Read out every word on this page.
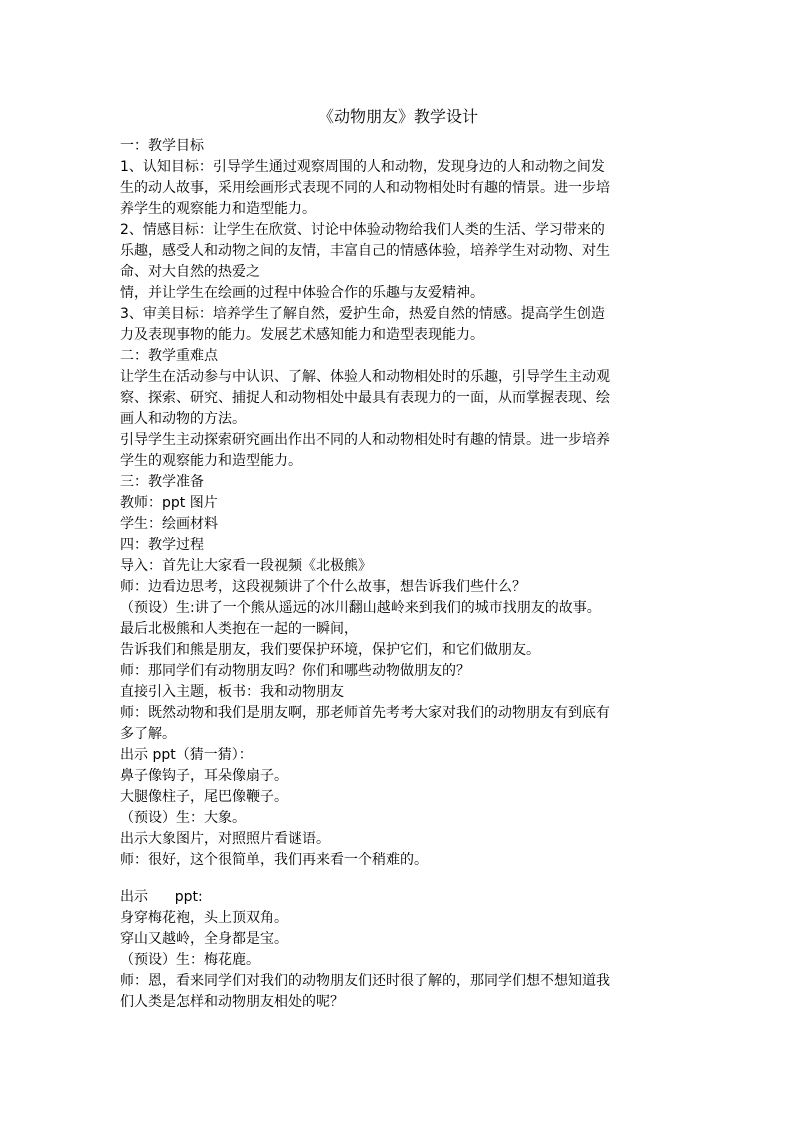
《动物朋友》教学设计
一：教学目标
1、认知目标：引导学生通过观察周围的人和动物，发现身边的人和动物之间发
生的动人故事，采用绘画形式表现不同的人和动物相处时有趣的情景。进一步培
养学生的观察能力和造型能力。
2、情感目标：让学生在欣赏、讨论中体验动物给我们人类的生活、学习带来的
乐趣，感受人和动物之间的友情，丰富自己的情感体验，培养学生对动物、对生
命、对大自然的热爱之
情，并让学生在绘画的过程中体验合作的乐趣与友爱精神。
3、审美目标：培养学生了解自然，爱护生命，热爱自然的情感。提高学生创造
力及表现事物的能力。发展艺术感知能力和造型表现能力。
二：教学重难点
让学生在活动参与中认识、了解、体验人和动物相处时的乐趣，引导学生主动观
察、探索、研究、捕捉人和动物相处中最具有表现力的一面，从而掌握表现、绘
画人和动物的方法。
引导学生主动探索研究画出作出不同的人和动物相处时有趣的情景。进一步培养
学生的观察能力和造型能力。
三：教学准备
教师：ppt 图片
学生：绘画材料
四：教学过程
导入：首先让大家看一段视频《北极熊》
师：边看边思考，这段视频讲了个什么故事，想告诉我们些什么？
（预设）生:讲了一个熊从遥远的冰川翻山越岭来到我们的城市找朋友的故事。
最后北极熊和人类抱在一起的一瞬间，
告诉我们和熊是朋友，我们要保护环境，保护它们，和它们做朋友。
师：那同学们有动物朋友吗？你们和哪些动物做朋友的？
直接引入主题，板书：我和动物朋友
师：既然动物和我们是朋友啊，那老师首先考考大家对我们的动物朋友有到底有
多了解。
出示 ppt（猜一猜）：
鼻子像钩子，耳朵像扇子。
大腿像柱子，尾巴像鞭子。
（预设）生：大象。
出示大象图片，对照照片看谜语。
师：很好，这个很简单，我们再来看一个稍难的。
出示      ppt:
身穿梅花袍，头上顶双角。
穿山又越岭，全身都是宝。
（预设）生：梅花鹿。
师：恩，看来同学们对我们的动物朋友们还时很了解的，那同学们想不想知道我
们人类是怎样和动物朋友相处的呢？
